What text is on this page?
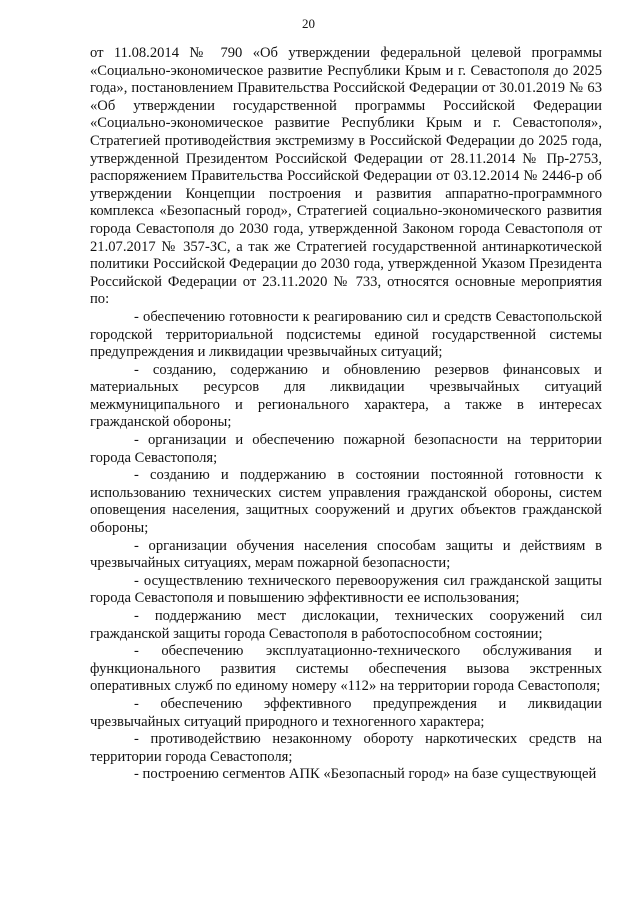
20

от 11.08.2014 № 790 «Об утверждении федеральной целевой программы «Социально-экономическое развитие Республики Крым и г. Севастополя до 2025 года», постановлением Правительства Российской Федерации от 30.01.2019 № 63 «Об утверждении государственной программы Российской Федерации «Социально-экономическое развитие Республики Крым и г. Севастополя», Стратегией противодействия экстремизму в Российской Федерации до 2025 года, утвержденной Президентом Российской Федерации от 28.11.2014 № Пр-2753, распоряжением Правительства Российской Федерации от 03.12.2014 № 2446-р об утверждении Концепции построения и развития аппаратно-программного комплекса «Безопасный город», Стратегией социально-экономического развития города Севастополя до 2030 года, утвержденной Законом города Севастополя от 21.07.2017 № 357-ЗС, а так же Стратегией государственной антинаркотической политики Российской Федерации до 2030 года, утвержденной Указом Президента Российской Федерации от 23.11.2020 № 733, относятся основные мероприятия по:

- обеспечению готовности к реагированию сил и средств Севастопольской городской территориальной подсистемы единой государственной системы предупреждения и ликвидации чрезвычайных ситуаций;

- созданию, содержанию и обновлению резервов финансовых и материальных ресурсов для ликвидации чрезвычайных ситуаций межмуниципального и регионального характера, а также в интересах гражданской обороны;

- организации и обеспечению пожарной безопасности на территории города Севастополя;

- созданию и поддержанию в состоянии постоянной готовности к использованию технических систем управления гражданской обороны, систем оповещения населения, защитных сооружений и других объектов гражданской обороны;

- организации обучения населения способам защиты и действиям в чрезвычайных ситуациях, мерам пожарной безопасности;

- осуществлению технического перевооружения сил гражданской защиты города Севастополя и повышению эффективности ее использования;

- поддержанию мест дислокации, технических сооружений сил гражданской защиты города Севастополя в работоспособном состоянии;

- обеспечению эксплуатационно-технического обслуживания и функционального развития системы обеспечения вызова экстренных оперативных служб по единому номеру «112» на территории города Севастополя;

- обеспечению эффективного предупреждения и ликвидации чрезвычайных ситуаций природного и техногенного характера;

- противодействию незаконному обороту наркотических средств на территории города Севастополя;

- построению сегментов АПК «Безопасный город» на базе существующей
